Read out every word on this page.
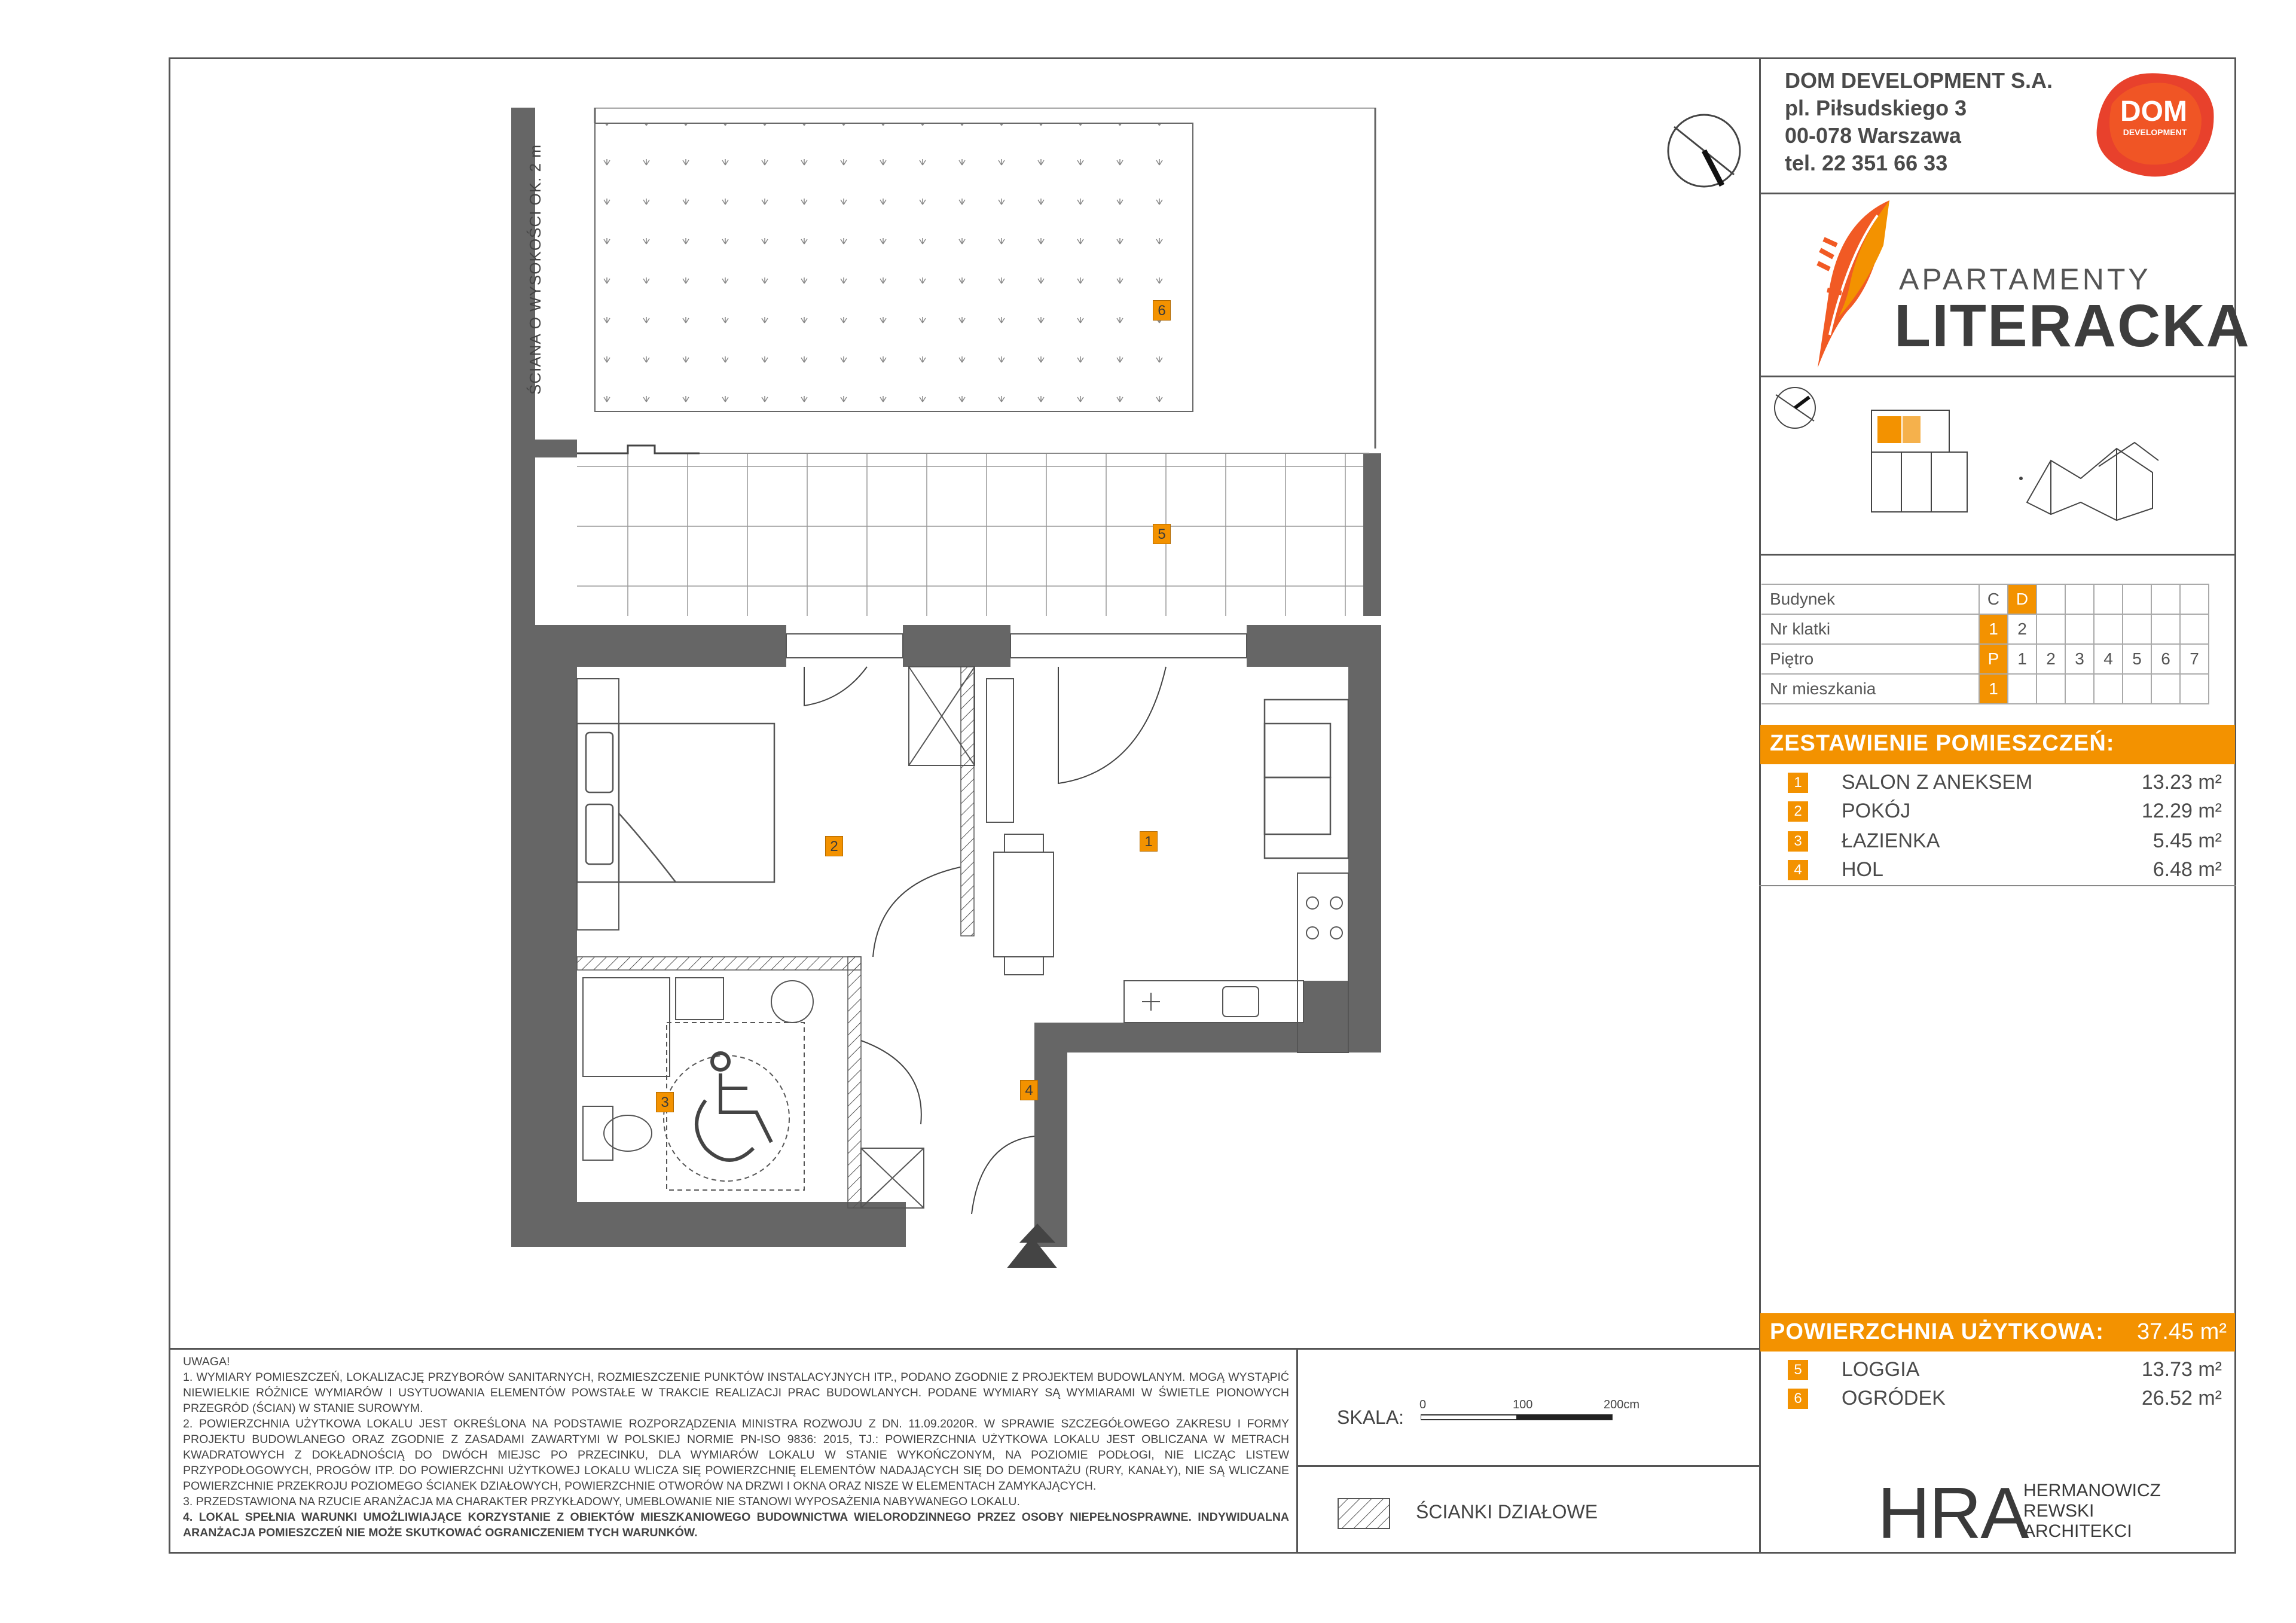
DOM DEVELOPMENT S.A.
pl. Piłsudskiego 3
00-078 Warszawa
tel. 22 351 66 33
DOM
DEVELOPMENT
APARTAMENTY
LITERACKA
Budynek	C	D						
Nr klatki	1	2						
Piętro	P	1	2	3	4	5	6	7
Nr mieszkania	1							
ZESTAWIENIE POMIESZCZEŃ:
1	SALON Z ANEKSEM	13.23 m²
2	POKÓJ	12.29 m²
3	ŁAZIENKA	5.45 m²
4	HOL	6.48 m²
POWIERZCHNIA UŻYTKOWA: 37.45 m²
5	LOGGIA	13.73 m²
6	OGRÓDEK	26.52 m²
6
5
2	1
3
4
ŚCIANA O WYSOKOŚCI OK. 2 m

UWAGA!

1. WYMIARY POMIESZCZEŃ, LOKALIZACJĘ PRZYBORÓW SANITARNYCH, ROZMIESZCZENIE PUNKTÓW INSTALACYJNYCH ITP., PODANO ZGODNIE Z PROJEKTEM BUDOWLANYM. MOGĄ WYSTĄPIĆ NIEWIELKIE RÓŻNICE WYMIARÓW I USYTUOWANIA ELEMENTÓW POWSTAŁE W TRAKCIE REALIZACJI PRAC BUDOWLANYCH. PODANE WYMIARY SĄ WYMIARAMI W ŚWIETLE PIONOWYCH PRZEGRÓD (ŚCIAN) W STANIE SUROWYM.

2. POWIERZCHNIA UŻYTKOWA LOKALU JEST OKREŚLONA NA PODSTAWIE ROZPORZĄDZENIA MINISTRA ROZWOJU Z DN. 11.09.2020R. W SPRAWIE SZCZEGÓŁOWEGO ZAKRESU I FORMY PROJEKTU BUDOWLANEGO ORAZ ZGODNIE Z ZASADAMI ZAWARTYMI W POLSKIEJ NORMIE PN-ISO 9836: 2015, TJ.: POWIERZCHNIA UŻYTKOWA LOKALU JEST OBLICZANA W METRACH KWADRATOWYCH Z DOKŁADNOŚCIĄ DO DWÓCH MIEJSC PO PRZECINKU, DLA WYMIARÓW LOKALU W STANIE WYKOŃCZONYM, NA POZIOMIE PODŁOGI, NIE LICZĄC LISTEW PRZYPODŁOGOWYCH, PROGÓW ITP. DO POWIERZCHNI UŻYTKOWEJ LOKALU WLICZA SIĘ POWIERZCHNIĘ ELEMENTÓW NADAJĄCYCH SIĘ DO DEMONTAŻU (RURY, KANAŁY), NIE SĄ WLICZANE POWIERZCHNIE PRZEKROJU POZIOMEGO ŚCIANEK DZIAŁOWYCH, POWIERZCHNIE OTWORÓW NA DRZWI I OKNA ORAZ NISZE W ELEMENTACH ZAMYKAJĄCYCH.

3. PRZEDSTAWIONA NA RZUCIE ARANŻACJA MA CHARAKTER PRZYKŁADOWY, UMEBLOWANIE NIE STANOWI WYPOSAŻENIA NABYWANEGO LOKALU.

4. LOKAL SPEŁNIA WARUNKI UMOŻLIWIAJĄCE KORZYSTANIE Z OBIEKTÓW MIESZKANIOWEGO BUDOWNICTWA WIELORODZINNEGO PRZEZ OSOBY NIEPEŁNOSPRAWNE. INDYWIDUALNA ARANŻACJA POMIESZCZEŃ NIE MOŻE SKUTKOWAĆ OGRANICZENIEM TYCH WARUNKÓW.

SKALA:
0	100	200cm
ŚCIANKI DZIAŁOWE	HRA
HERMANOWICZ
REWSKI
ARCHITEKCI
